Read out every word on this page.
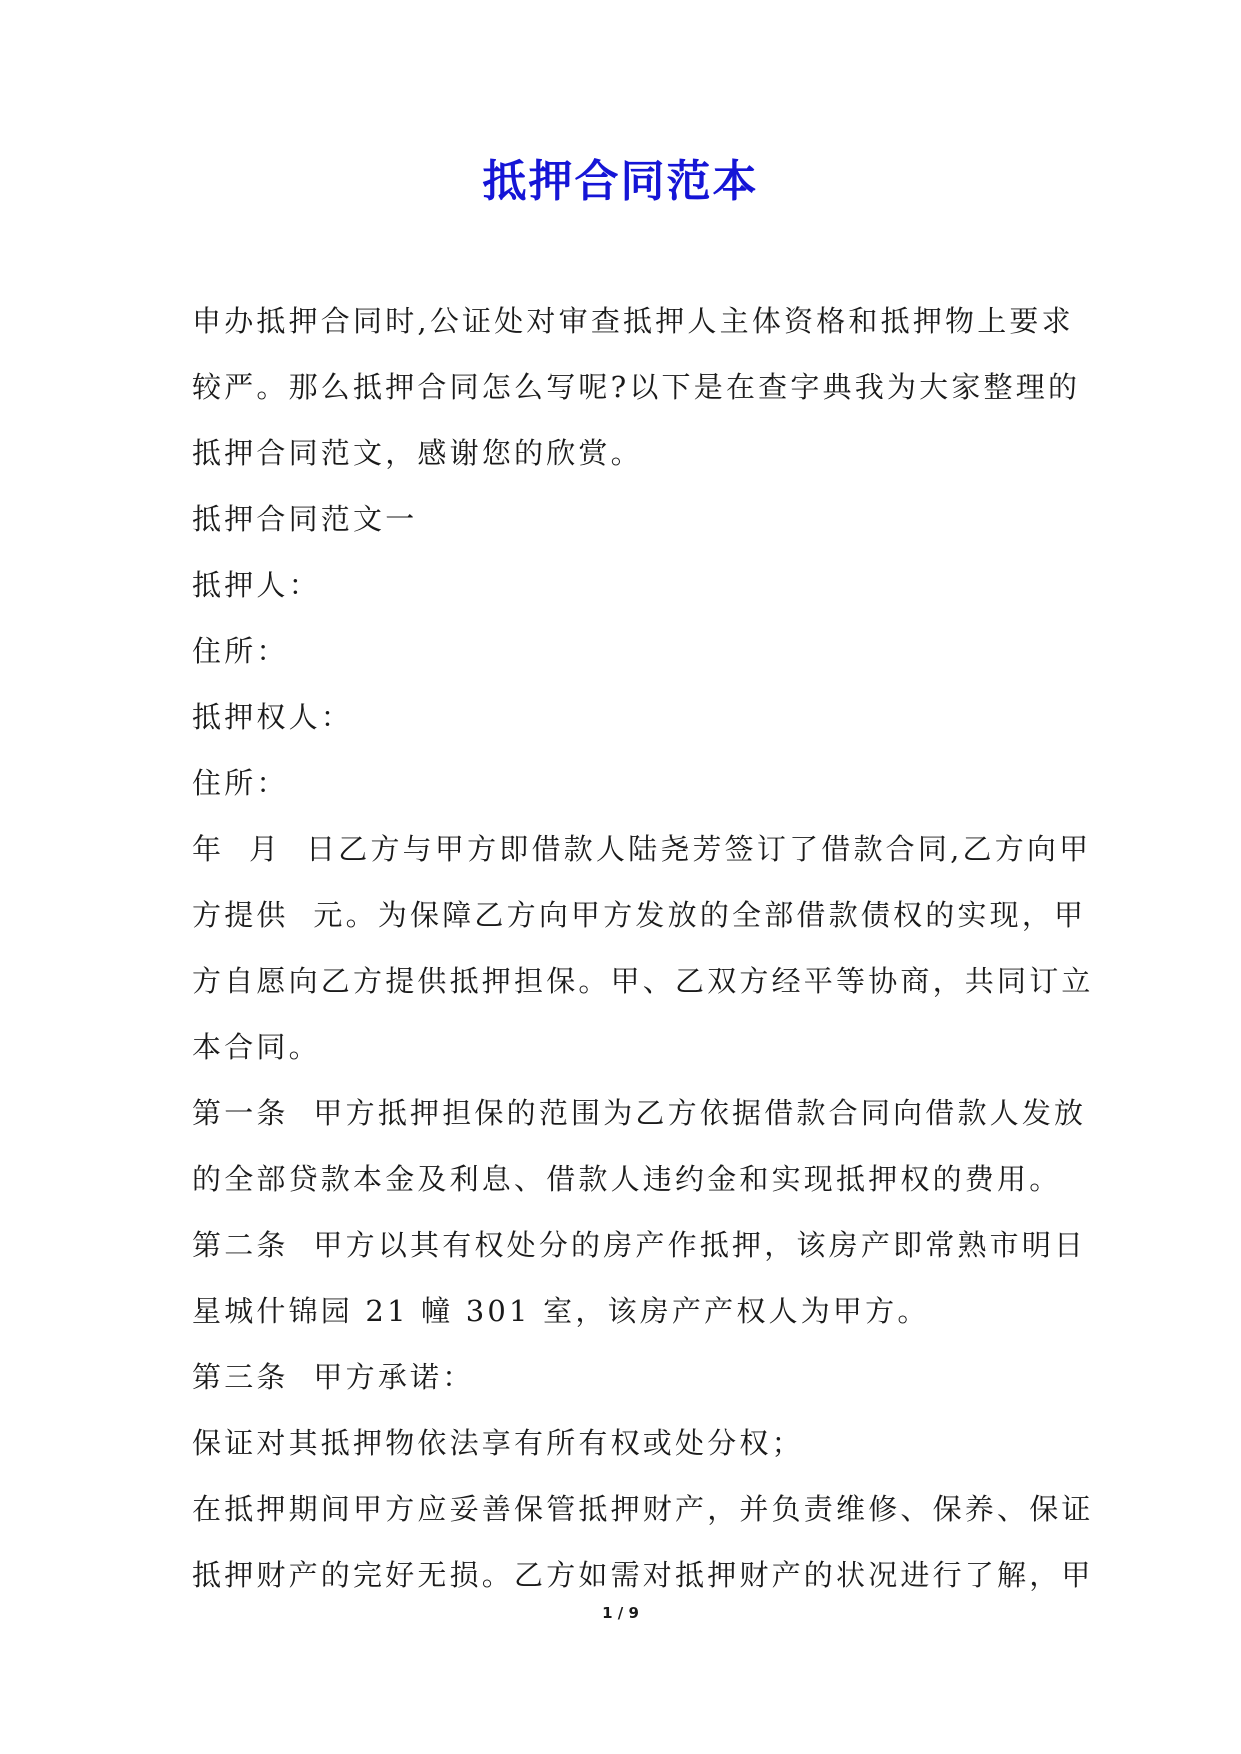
抵押合同范本

申办抵押合同时,公证处对审查抵押人主体资格和抵押物上要求
较严。那么抵押合同怎么写呢?以下是在查字典我为大家整理的
抵押合同范文，感谢您的欣赏。
抵押合同范文一
抵押人：
住所：
抵押权人：
住所：
年  月  日乙方与甲方即借款人陆尧芳签订了借款合同,乙方向甲
方提供  元。为保障乙方向甲方发放的全部借款债权的实现，甲
方自愿向乙方提供抵押担保。甲、乙双方经平等协商，共同订立
本合同。
第一条  甲方抵押担保的范围为乙方依据借款合同向借款人发放
的全部贷款本金及利息、借款人违约金和实现抵押权的费用。
第二条  甲方以其有权处分的房产作抵押，该房产即常熟市明日
星城什锦园 21 幢 301 室，该房产产权人为甲方。
第三条  甲方承诺：
保证对其抵押物依法享有所有权或处分权；
在抵押期间甲方应妥善保管抵押财产，并负责维修、保养、保证
抵押财产的完好无损。乙方如需对抵押财产的状况进行了解，甲

1 / 9
